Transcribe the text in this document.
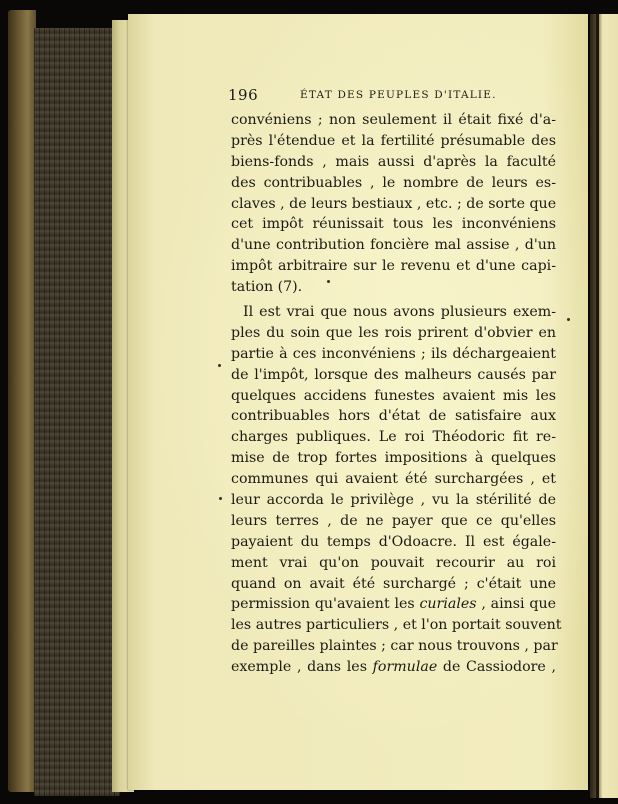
196	ÉTAT DES PEUPLES D'ITALIE.
convéniens ; non seulement il était fixé d'a-
près l'étendue et la fertilité présumable des
biens-fonds , mais aussi d'après la faculté
des contribuables , le nombre de leurs es-
claves , de leurs bestiaux , etc. ; de sorte que
cet impôt réunissait tous les inconvéniens
d'une contribution foncière mal assise , d'un
impôt arbitraire sur le revenu et d'une capi-
tation (7).
Il est vrai que nous avons plusieurs exem-
ples du soin que les rois prirent d'obvier en
partie à ces inconvéniens ; ils déchargeaient
de l'impôt, lorsque des malheurs causés par
quelques accidens funestes avaient mis les
contribuables hors d'état de satisfaire aux
charges publiques. Le roi Théodoric fit re-
mise de trop fortes impositions à quelques
communes qui avaient été surchargées , et
leur accorda le privilège , vu la stérilité de
leurs terres , de ne payer que ce qu'elles
payaient du temps d'Odoacre. Il est égale-
ment vrai qu'on pouvait recourir au roi
quand on avait été surchargé ; c'était une
permission qu'avaient les curiales , ainsi que
les autres particuliers , et l'on portait souvent
de pareilles plaintes ; car nous trouvons , par
exemple , dans les formulae de Cassiodore ,
